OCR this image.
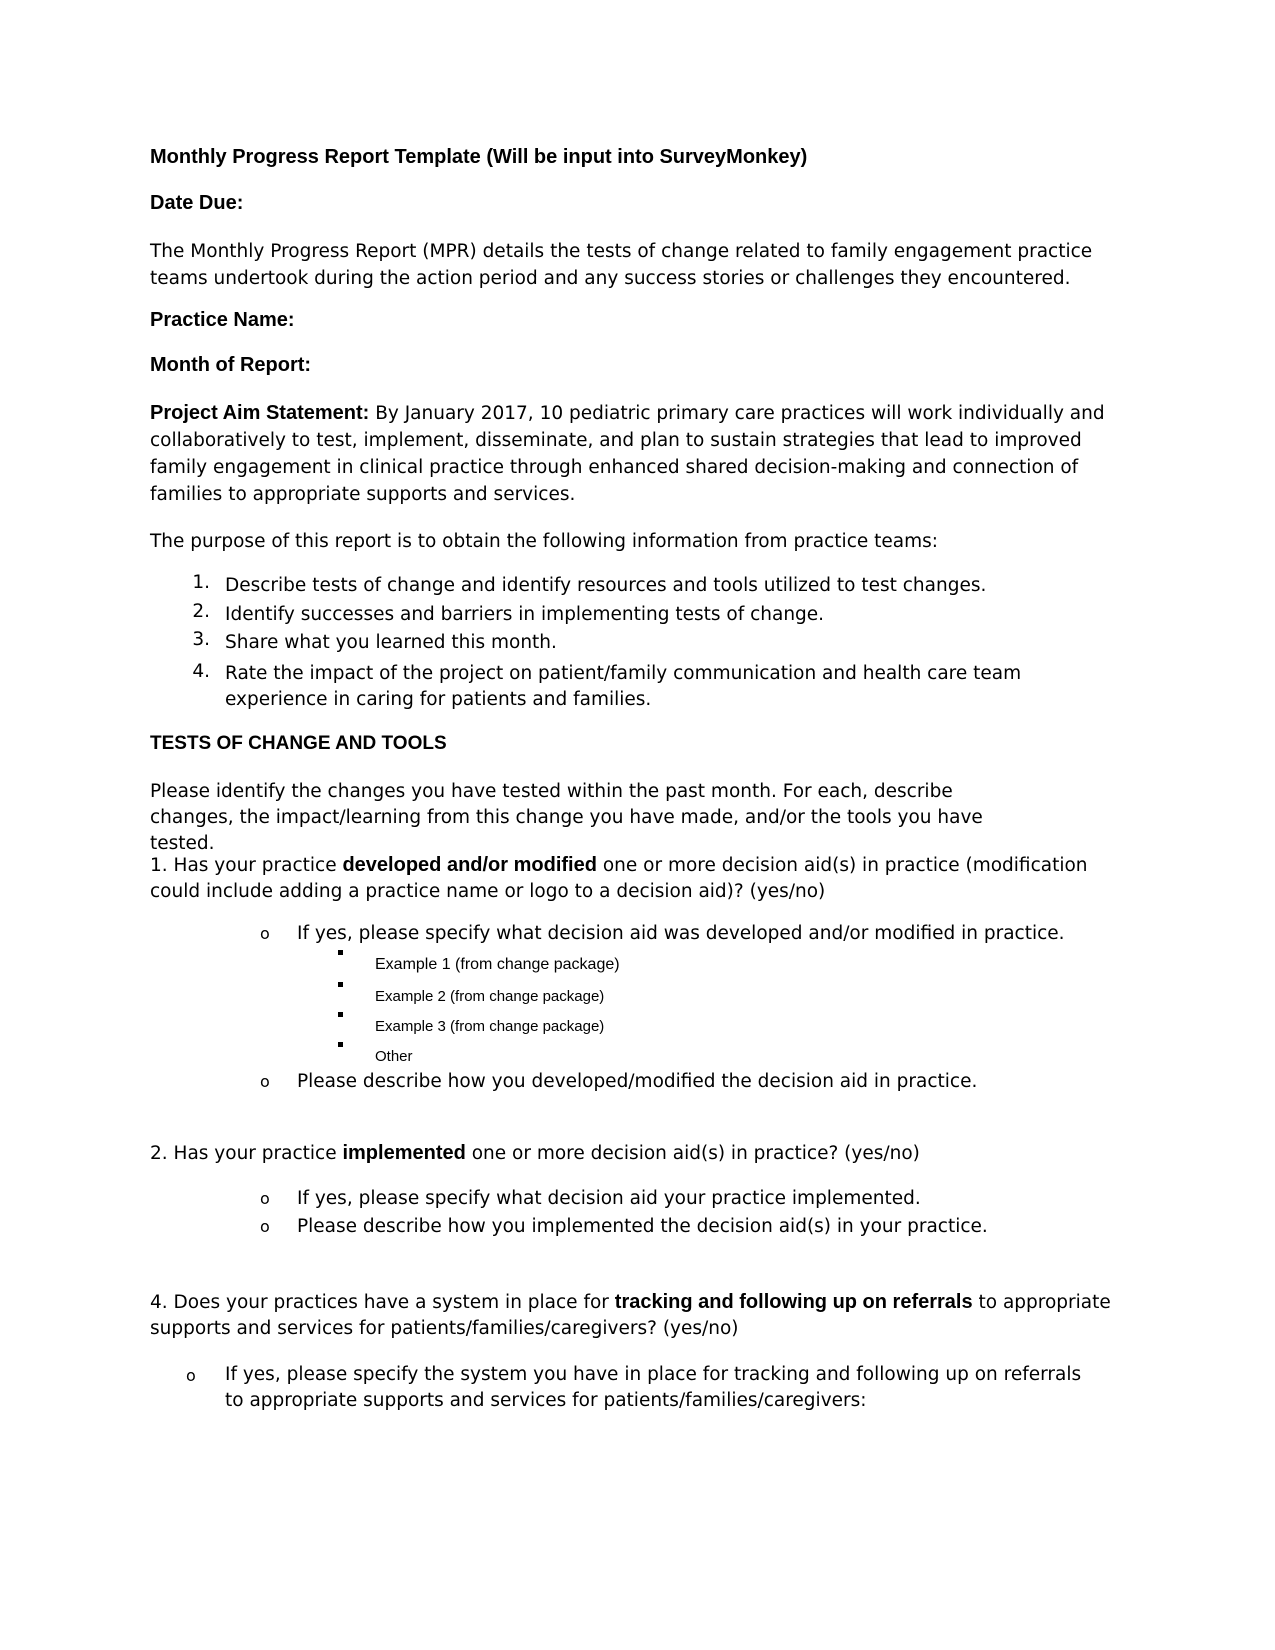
Monthly Progress Report Template (Will be input into SurveyMonkey)
Date Due:
The Monthly Progress Report (MPR) details the tests of change related to family engagement practice teams undertook during the action period and any success stories or challenges they encountered.
Practice Name:
Month of Report:
Project Aim Statement: By January 2017, 10 pediatric primary care practices will work individually and collaboratively to test, implement, disseminate, and plan to sustain strategies that lead to improved family engagement in clinical practice through enhanced shared decision-making and connection of families to appropriate supports and services.
The purpose of this report is to obtain the following information from practice teams:
1. Describe tests of change and identify resources and tools utilized to test changes.
2. Identify successes and barriers in implementing tests of change.
3. Share what you learned this month.
4. Rate the impact of the project on patient/family communication and health care team experience in caring for patients and families.
TESTS OF CHANGE AND TOOLS
Please identify the changes you have tested within the past month. For each, describe changes, the impact/learning from this change you have made, and/or the tools you have tested.
1. Has your practice developed and/or modified one or more decision aid(s) in practice (modification could include adding a practice name or logo to a decision aid)? (yes/no)
o If yes, please specify what decision aid was developed and/or modified in practice.
Example 1 (from change package)
Example 2 (from change package)
Example 3 (from change package)
Other
o Please describe how you developed/modified the decision aid in practice.
2. Has your practice implemented one or more decision aid(s) in practice? (yes/no)
o If yes, please specify what decision aid your practice implemented.
o Please describe how you implemented the decision aid(s) in your practice.
4. Does your practices have a system in place for tracking and following up on referrals to appropriate supports and services for patients/families/caregivers? (yes/no)
o If yes, please specify the system you have in place for tracking and following up on referrals to appropriate supports and services for patients/families/caregivers:
